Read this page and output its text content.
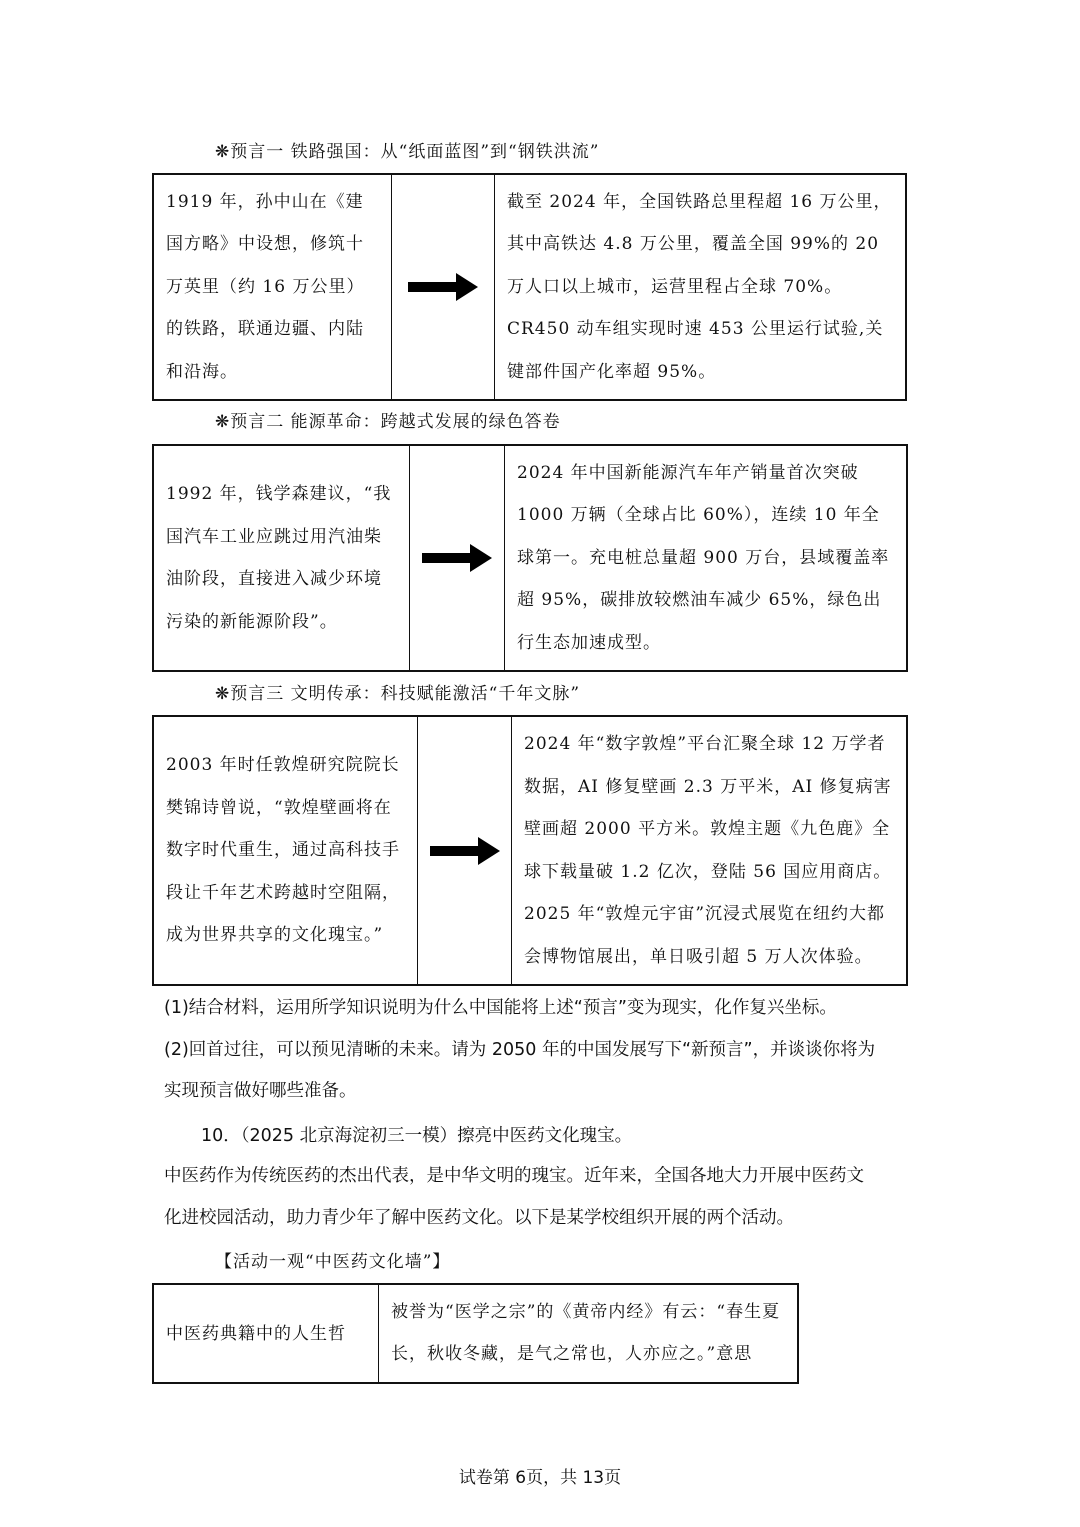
❋预言一 铁路强国：从“纸面蓝图”到“钢铁洪流”
1919 年，孙中山在《建国方略》中设想，修筑十万英里（约 16 万公里）的铁路，联通边疆、内陆和沿海。
截至 2024 年，全国铁路总里程超 16 万公里，其中高铁达 4.8 万公里，覆盖全国 99%的 20 万人口以上城市，运营里程占全球 70%。CR450 动车组实现时速 453 公里运行试验,关键部件国产化率超 95%。
❋预言二 能源革命：跨越式发展的绿色答卷
1992 年，钱学森建议，“我国汽车工业应跳过用汽油柴油阶段，直接进入减少环境污染的新能源阶段”。
2024 年中国新能源汽车年产销量首次突破 1000 万辆（全球占比 60%），连续 10 年全球第一。充电桩总量超 900 万台，县域覆盖率超 95%，碳排放较燃油车减少 65%，绿色出行生态加速成型。
❋预言三 文明传承：科技赋能激活“千年文脉”
2003 年时任敦煌研究院院长樊锦诗曾说，“敦煌壁画将在数字时代重生，通过高科技手段让千年艺术跨越时空阻隔，成为世界共享的文化瑰宝。”
2024 年“数字敦煌”平台汇聚全球 12 万学者数据，AI 修复壁画 2.3 万平米，AI 修复病害壁画超 2000 平方米。敦煌主题《九色鹿》全球下载量破 1.2 亿次，登陆 56 国应用商店。2025 年“敦煌元宇宙”沉浸式展览在纽约大都会博物馆展出，单日吸引超 5 万人次体验。
(1)结合材料，运用所学知识说明为什么中国能将上述“预言”变为现实，化作复兴坐标。
(2)回首过往，可以预见清晰的未来。请为 2050 年的中国发展写下“新预言”，并谈谈你将为
实现预言做好哪些准备。
10．（2025 北京海淀初三一模）擦亮中医药文化瑰宝。
中医药作为传统医药的杰出代表，是中华文明的瑰宝。近年来，全国各地大力开展中医药文
化进校园活动，助力青少年了解中医药文化。以下是某学校组织开展的两个活动。
【活动一观“中医药文化墙”】
中医药典籍中的人生哲
被誉为“医学之宗”的《黄帝内经》有云：“春生夏长，秋收冬藏，是气之常也，人亦应之。”意思
试卷第 6页，共 13页
